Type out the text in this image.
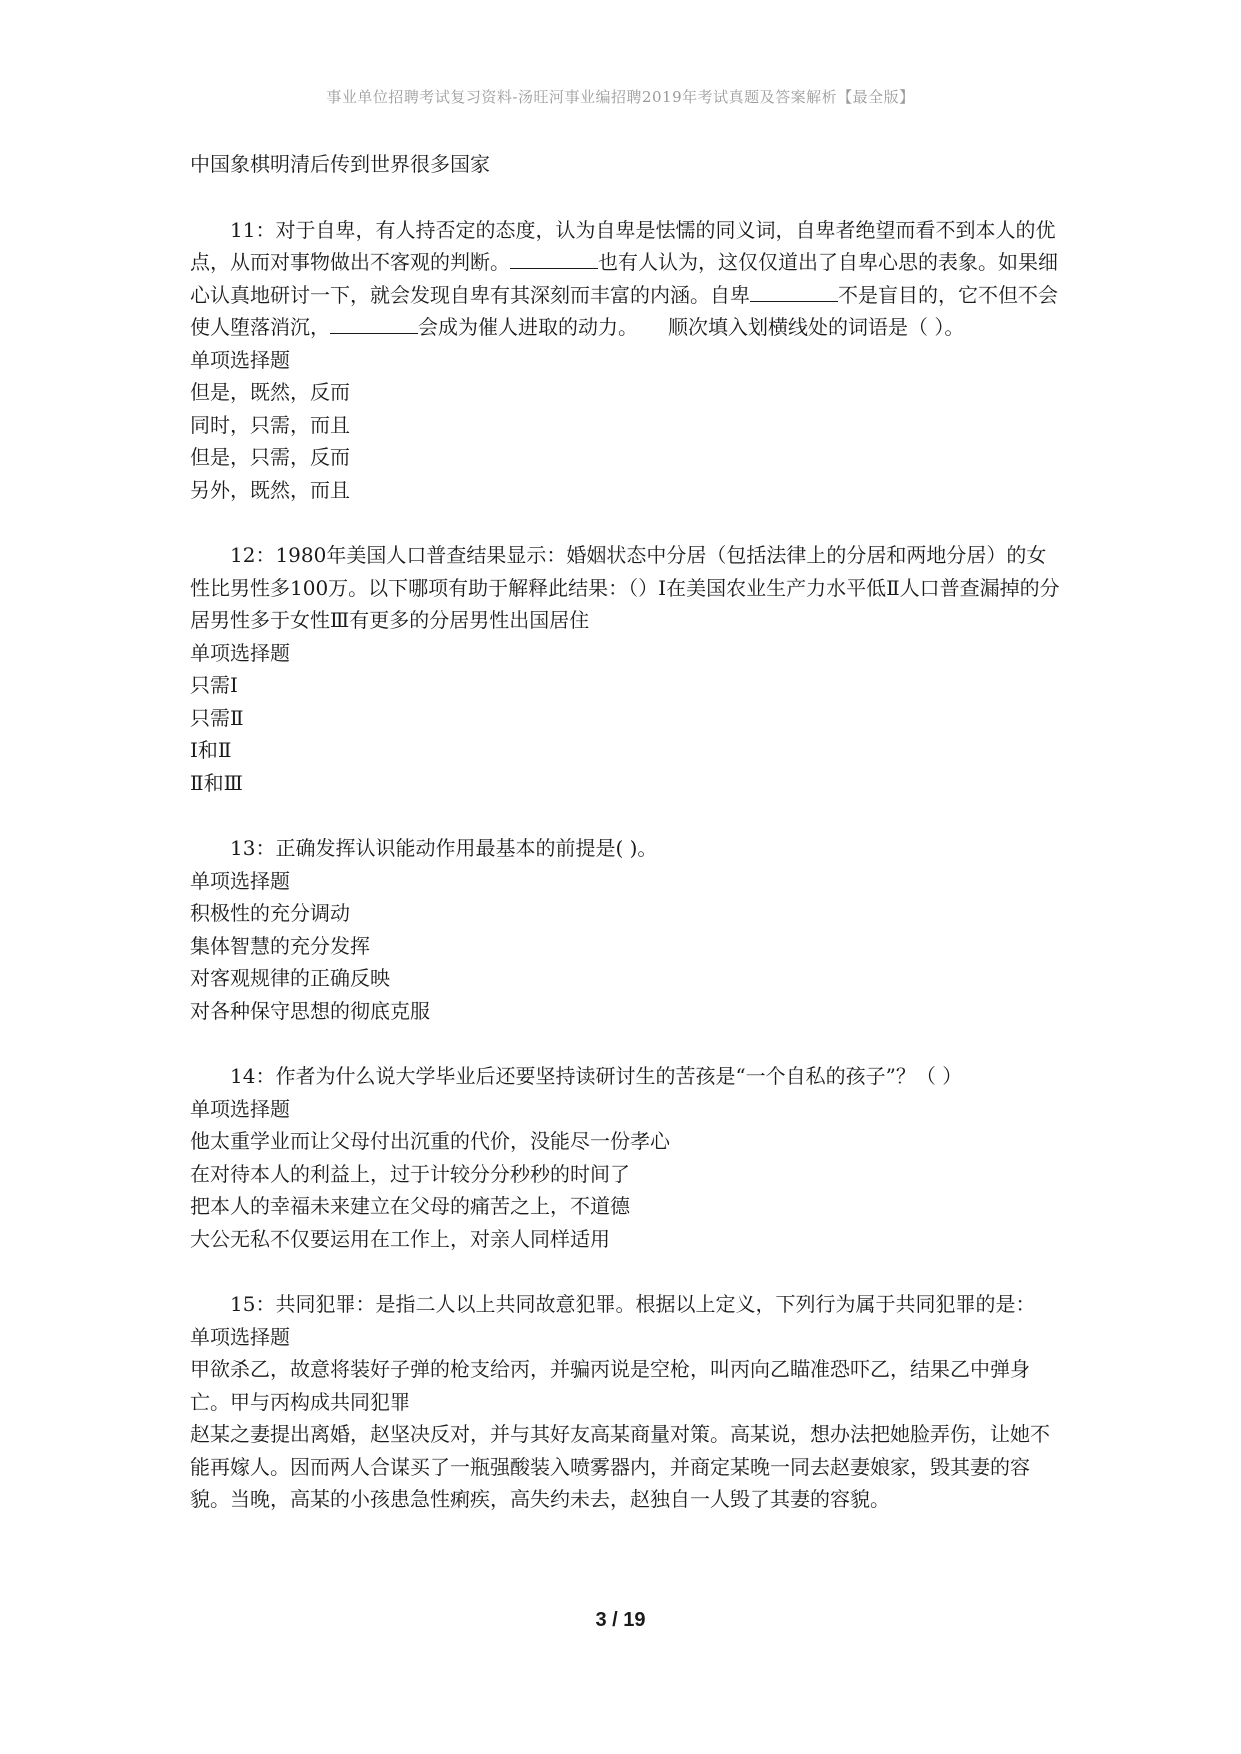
事业单位招聘考试复习资料-汤旺河事业编招聘2019年考试真题及答案解析【最全版】

中国象棋明清后传到世界很多国家

11：对于自卑，有人持否定的态度，认为自卑是怯懦的同义词，自卑者绝望而看不到本人的优点，从而对事物做出不客观的判断。	也有人认为，这仅仅道出了自卑心思的表象。如果细心认真地研讨一下，就会发现自卑有其深刻而丰富的内涵。自卑	不是盲目的，它不但不会使人堕落消沉，	会成为催人进取的动力。　　顺次填入划横线处的词语是（ ）。

单项选择题

但是，既然，反而

同时，只需，而且

但是，只需，反而

另外，既然，而且

12：1980年美国人口普查结果显示：婚姻状态中分居（包括法律上的分居和两地分居）的女性比男性多100万。以下哪项有助于解释此结果：（）Ⅰ在美国农业生产力水平低Ⅱ人口普查漏掉的分居男性多于女性Ⅲ有更多的分居男性出国居住

单项选择题

只需Ⅰ

只需Ⅱ

Ⅰ和Ⅱ

Ⅱ和Ⅲ

13：正确发挥认识能动作用最基本的前提是( )。

单项选择题

积极性的充分调动

集体智慧的充分发挥

对客观规律的正确反映

对各种保守思想的彻底克服

14：作者为什么说大学毕业后还要坚持读研讨生的苦孩是“一个自私的孩子”？（ ）

单项选择题

他太重学业而让父母付出沉重的代价，没能尽一份孝心

在对待本人的利益上，过于计较分分秒秒的时间了

把本人的幸福未来建立在父母的痛苦之上，不道德

大公无私不仅要运用在工作上，对亲人同样适用

15：共同犯罪：是指二人以上共同故意犯罪。根据以上定义，下列行为属于共同犯罪的是：

单项选择题

甲欲杀乙，故意将装好子弹的枪支给丙，并骗丙说是空枪，叫丙向乙瞄准恐吓乙，结果乙中弹身亡。甲与丙构成共同犯罪

赵某之妻提出离婚，赵坚决反对，并与其好友高某商量对策。高某说，想办法把她脸弄伤，让她不能再嫁人。因而两人合谋买了一瓶强酸装入喷雾器内，并商定某晚一同去赵妻娘家，毁其妻的容貌。当晚，高某的小孩患急性痢疾，高失约未去，赵独自一人毁了其妻的容貌。

3 / 19
